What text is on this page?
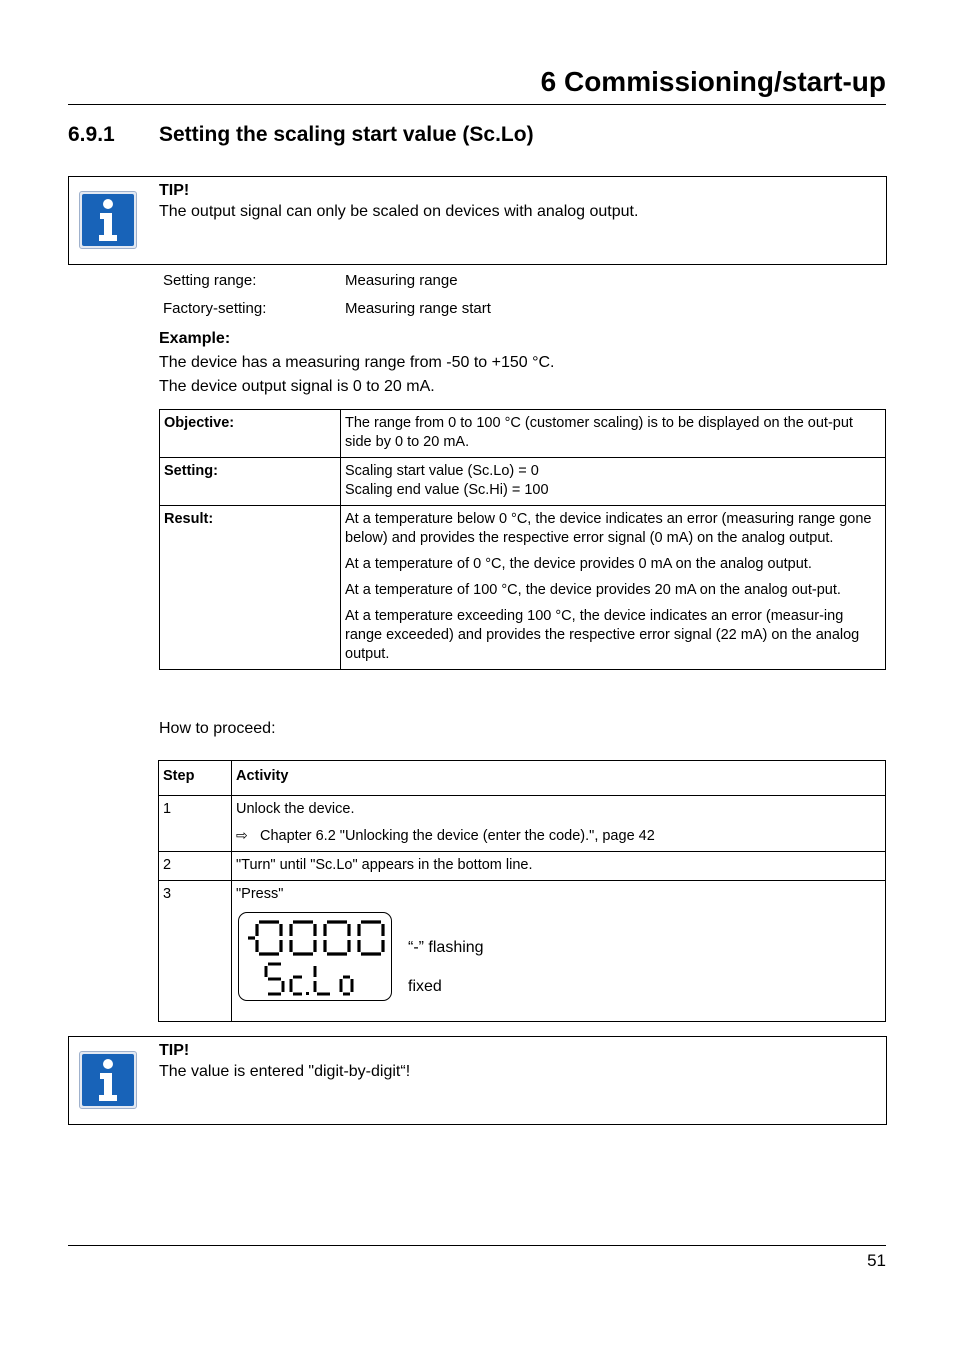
6 Commissioning/start-up
6.9.1 Setting the scaling start value (Sc.Lo)
TIP!
The output signal can only be scaled on devices with analog output.
Setting range:	Measuring range
Factory-setting:	Measuring range start
Example:
The device has a measuring range from -50 to +150 °C.
The device output signal is 0 to 20 mA.
Objective:	The range from 0 to 100 °C (customer scaling) is to be displayed on the out-put side by 0 to 20 mA.
Setting:	Scaling start value (Sc.Lo) = 0
Scaling end value (Sc.Hi) = 100

Result:	At a temperature below 0 °C, the device indicates an error (measuring range gone below) and provides the respective error signal (0 mA) on the analog output.

At a temperature of 0 °C, the device provides 0 mA on the analog output.

At a temperature of 100 °C, the device provides 20 mA on the analog out-put.

At a temperature exceeding 100 °C, the device indicates an error (measur-ing range exceeded) and provides the respective error signal (22 mA) on the analog output.

How to proceed:
Step	Activity
1	Unlock the device.
⇨ Chapter 6.2 "Unlocking the device (enter the code).", page 42

2	"Turn" until "Sc.Lo" appears in the bottom line.
3	"Press"
“-” flashing
fixed
TIP!
The value is entered "digit-by-digit“!
51
